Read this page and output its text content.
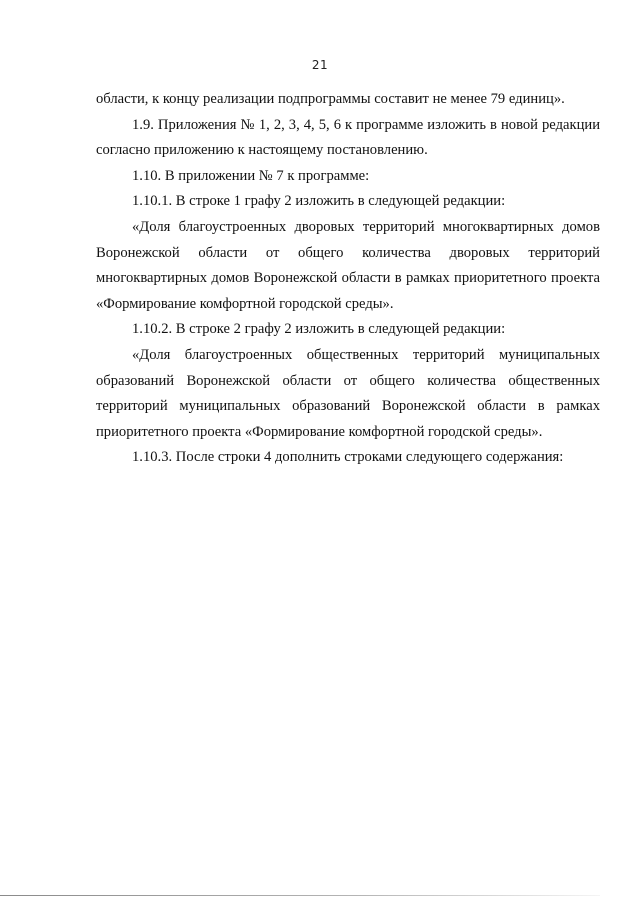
21

области, к концу реализации подпрограммы составит не менее 79 единиц».

1.9. Приложения № 1, 2, 3, 4, 5, 6 к программе изложить в новой редакции согласно приложению к настоящему постановлению.

1.10. В приложении № 7 к программе:

1.10.1. В строке 1 графу 2 изложить в следующей редакции:

«Доля благоустроенных дворовых территорий многоквартирных домов Воронежской области от общего количества дворовых территорий многоквартирных домов Воронежской области в рамках приоритетного проекта «Формирование комфортной городской среды».

1.10.2. В строке 2 графу 2 изложить в следующей редакции:

«Доля благоустроенных общественных территорий муниципальных образований Воронежской области от общего количества общественных территорий муниципальных образований Воронежской области в рамках приоритетного проекта «Формирование комфортной городской среды».

1.10.3. После строки 4 дополнить строками следующего содержания:
